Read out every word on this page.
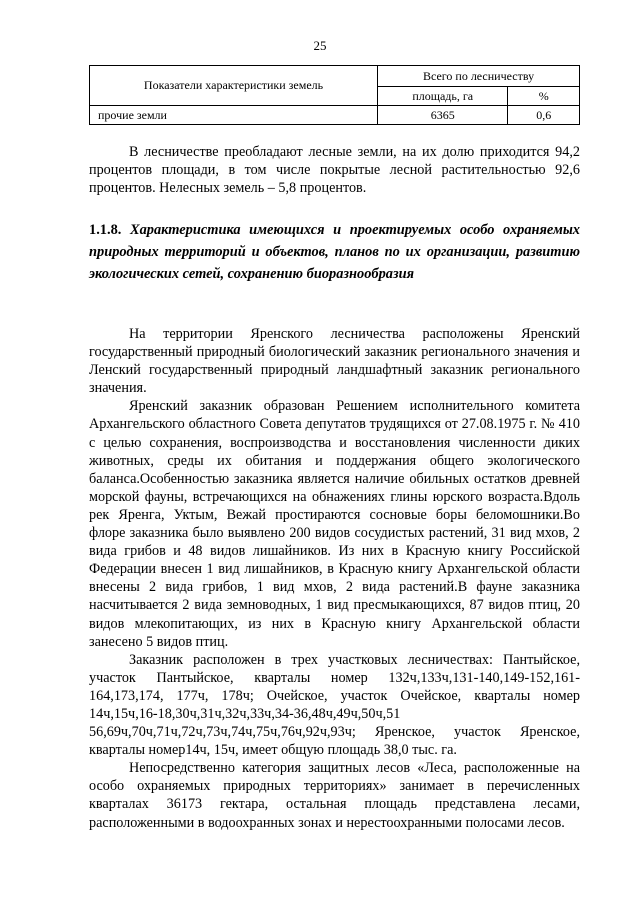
25
Показатели характеристики земель	Всего по лесничеству	
	площадь, га	%
прочие земли	6365	0,6

В лесничестве преобладают лесные земли, на их долю приходится 94,2 процентов площади, в том числе покрытые лесной растительностью 92,6 процентов. Нелесных земель – 5,8 процентов.

1.1.8. Характеристика имеющихся и проектируемых особо охраняемых природных территорий и объектов, планов по их организации, развитию экологических сетей, сохранению биоразнообразия

На территории Яренского лесничества расположены Яренский государственный природный биологический заказник регионального значения и Ленский государственный природный ландшафтный заказник регионального значения.

Яренский заказник образован Решением исполнительного комитета Архангельского областного Совета депутатов трудящихся от 27.08.1975 г. № 410 с целью сохранения, воспроизводства и восстановления численности диких животных, среды их обитания и поддержания общего экологического баланса.Особенностью заказника является наличие обильных остатков древней морской фауны, встречающихся на обнажениях глины юрского возраста.Вдоль рек Яренга, Уктым, Вежай простираются сосновые боры беломошники.Во флоре заказника было выявлено 200 видов сосудистых растений, 31 вид мхов, 2 вида грибов и 48 видов лишайников. Из них в Красную книгу Российской Федерации внесен 1 вид лишайников, в Красную книгу Архангельской области внесены 2 вида грибов, 1 вид мхов, 2 вида растений.В фауне заказника насчитывается 2 вида земноводных, 1 вид пресмыкающихся, 87 видов птиц, 20 видов млекопитающих, из них в Красную книгу Архангельской области занесено 5 видов птиц.

Заказник расположен в трех участковых лесничествах: Пантыйское, участок Пантыйское, кварталы номер 132ч,133ч,131-140,149-152,161-164,173,174, 177ч, 178ч; Очейское, участок Очейское, кварталы номер 14ч,15ч,16-18,30ч,31ч,32ч,33ч,34-36,48ч,49ч,50ч,51 56,69ч,70ч,71ч,72ч,73ч,74ч,75ч,76ч,92ч,93ч; Яренское, участок Яренское, кварталы номер14ч, 15ч, имеет общую площадь 38,0 тыс. га.

Непосредственно категория защитных лесов «Леса, расположенные на особо охраняемых природных территориях» занимает в перечисленных кварталах 36173 гектара, остальная площадь представлена лесами, расположенными в водоохранных зонах и нерестоохранными полосами лесов.
